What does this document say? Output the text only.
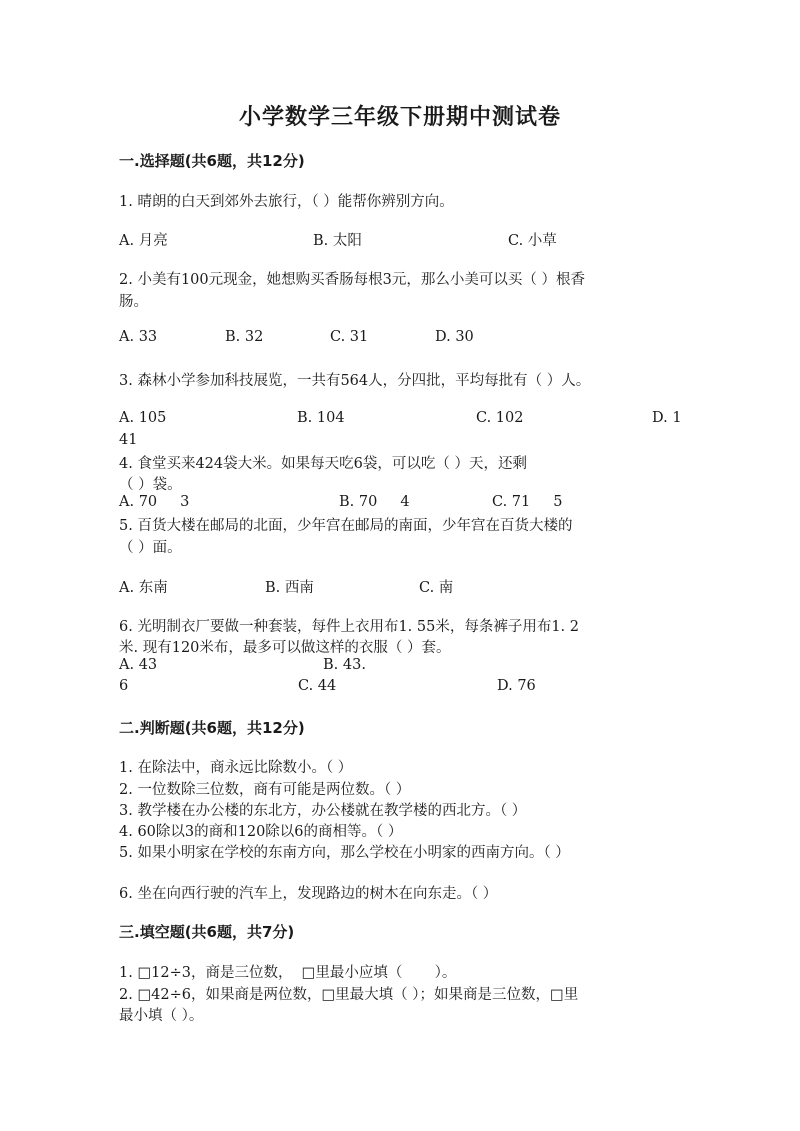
小学数学三年级下册期中测试卷
一.选择题(共6题，共12分)
1. 晴朗的白天到郊外去旅行，（ ）能帮你辨别方向。
A. 月亮	B. 太阳	C. 小草
2. 小美有100元现金，她想购买香肠每根3元，那么小美可以买（ ）根香
肠。
A. 33	B. 32	C. 31	D. 30
3. 森林小学参加科技展览，一共有564人，分四批，平均每批有（ ）人。
A. 105	B. 104	C. 102	D. 1
41
4. 食堂买来424袋大米。如果每天吃6袋，可以吃（ ）天，还剩
（ ）袋。
A. 70     3	B. 70     4	C. 71     5
5. 百货大楼在邮局的北面，少年宫在邮局的南面，少年宫在百货大楼的
（ ）面。
A. 东南	B. 西南	C. 南
6. 光明制衣厂要做一种套装，每件上衣用布1. 55米，每条裤子用布1. 2
米. 现有120米布，最多可以做这样的衣服（ ）套。
A. 43	B. 43.
6	C. 44	D. 76
二.判断题(共6题，共12分)
1. 在除法中，商永远比除数小。（ ）
2. 一位数除三位数，商有可能是两位数。（ ）
3. 教学楼在办公楼的东北方，办公楼就在教学楼的西北方。（ ）
4. 60除以3的商和120除以6的商相等。（ ）
5. 如果小明家在学校的东南方向，那么学校在小明家的西南方向。（ ）
6. 坐在向西行驶的汽车上，发现路边的树木在向东走。（ ）
三.填空题(共6题，共7分)
1. □12÷3，商是三位数，  □里最小应填（       ）。
2. □42÷6，如果商是两位数，□里最大填（ ）；如果商是三位数，□里
最小填（ ）。
